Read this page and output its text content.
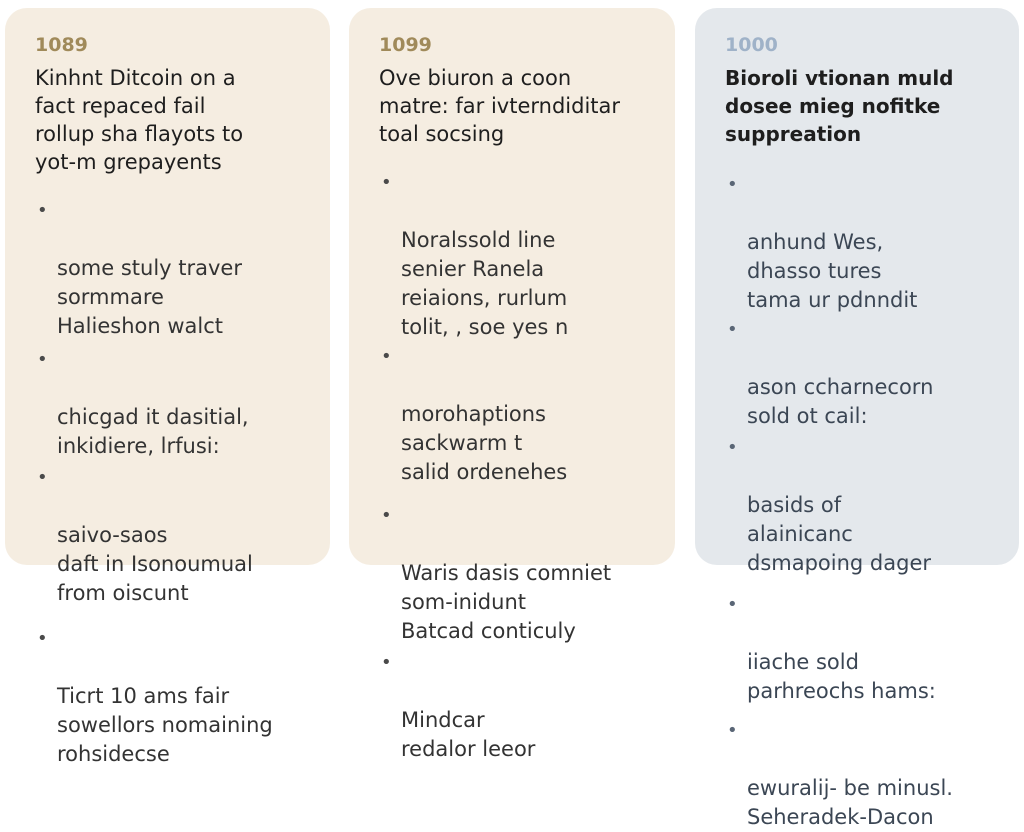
1089
Kinhnt Ditcoin on a
fact repaced fail
rollup sha flayots to
yot-m grepayents

•

some stuly traver
sormmare
Halieshon walct

•

chicgad it dasitial,
inkidiere, lrfusi:

•

saivo-saos
daft in Isonoumual
from oiscunt

•

Ticrt 10 ams fair
sowellors nomaining
rohsidecse

1099
Ove biuron a coon
matre: far ivterndiditar
toal socsing

•

Noralssold line
senier Ranela
reiaions, rurlum
tolit, , soe yes n

•

morohaptions
sackwarm t
salid ordenehes

•

Waris dasis comniet
som-inidunt
Batcad conticuly

•

Mindcar
redalor leeor

1000
Bioroli vtionan muld
dosee mieg nofitke
suppreation

•

anhund Wes,
dhasso tures
tama ur pdnndit

•

ason ccharnecorn
sold ot cail:

•

basids of
alainicanc
dsmapoing dager

•

iiache sold
parhreochs hams:

•

ewuralij- be minusl.
Seheradek-Dacon
